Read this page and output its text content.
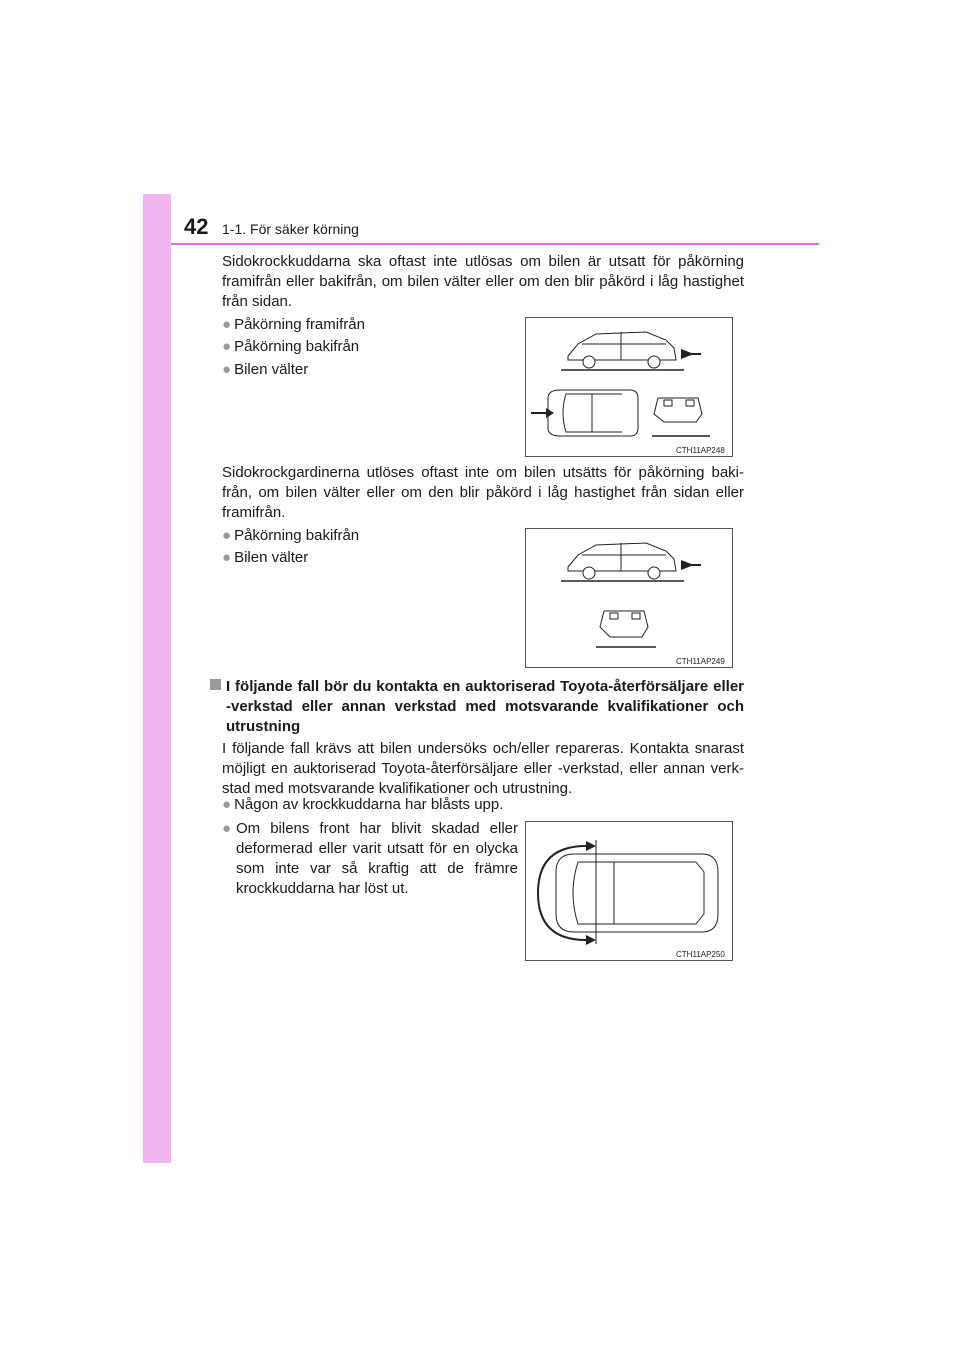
42 1-1. För säker körning
Sidokrockkuddarna ska oftast inte utlösas om bilen är utsatt för påkörning framifrån eller bakifrån, om bilen välter eller om den blir påkörd i låg hastighet från sidan.
● Påkörning framifrån
● Påkörning bakifrån
● Bilen välter
CTH11AP248
Sidokrockgardinerna utlöses oftast inte om bilen utsätts för påkörning baki-från, om bilen välter eller om den blir påkörd i låg hastighet från sidan eller framifrån.
● Påkörning bakifrån
● Bilen välter
CTH11AP249
I följande fall bör du kontakta en auktoriserad Toyota-återförsäljare eller -verkstad eller annan verkstad med motsvarande kvalifikationer och utrustning
I följande fall krävs att bilen undersöks och/eller repareras. Kontakta snarast möjligt en auktoriserad Toyota-återförsäljare eller -verkstad, eller annan verk-stad med motsvarande kvalifikationer och utrustning.
● Någon av krockkuddarna har blåsts upp.
● Om bilens front har blivit skadad eller deformerad eller varit utsatt för en olycka som inte var så kraftig att de främre krockkuddarna har löst ut.
CTH11AP250
